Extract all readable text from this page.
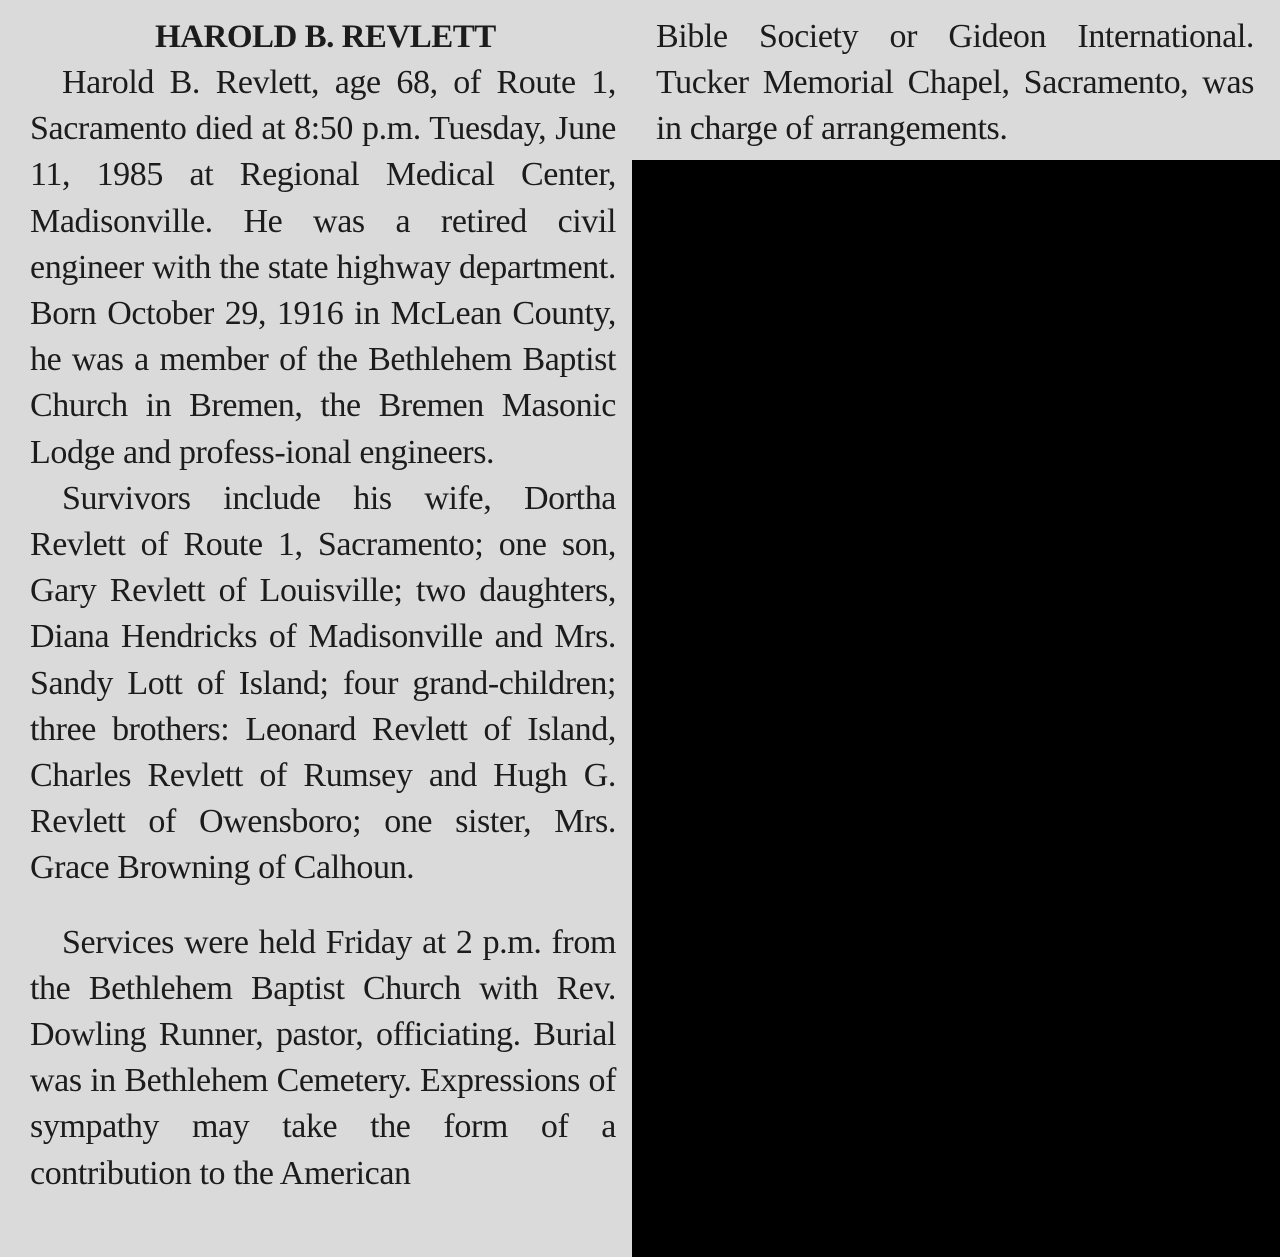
HAROLD B. REVLETT

Harold B. Revlett, age 68, of Route 1, Sacramento died at 8:50 p.m. Tuesday, June 11, 1985 at Regional Medical Center, Madisonville. He was a retired civil engineer with the state highway department. Born October 29, 1916 in McLean County, he was a member of the Bethlehem Baptist Church in Bremen, the Bremen Masonic Lodge and profess-ional engineers.

Survivors include his wife, Dortha Revlett of Route 1, Sacramento; one son, Gary Revlett of Louisville; two daughters, Diana Hendricks of Madisonville and Mrs. Sandy Lott of Island; four grand-children; three brothers: Leonard Revlett of Island, Charles Revlett of Rumsey and Hugh G. Revlett of Owensboro; one sister, Mrs. Grace Browning of Calhoun.

Services were held Friday at 2 p.m. from the Bethlehem Baptist Church with Rev. Dowling Runner, pastor, officiating. Burial was in Bethlehem Cemetery. Expressions of sympathy may take the form of a contribution to the American

Bible Society or Gideon International. Tucker Memorial Chapel, Sacramento, was in charge of arrangements.
